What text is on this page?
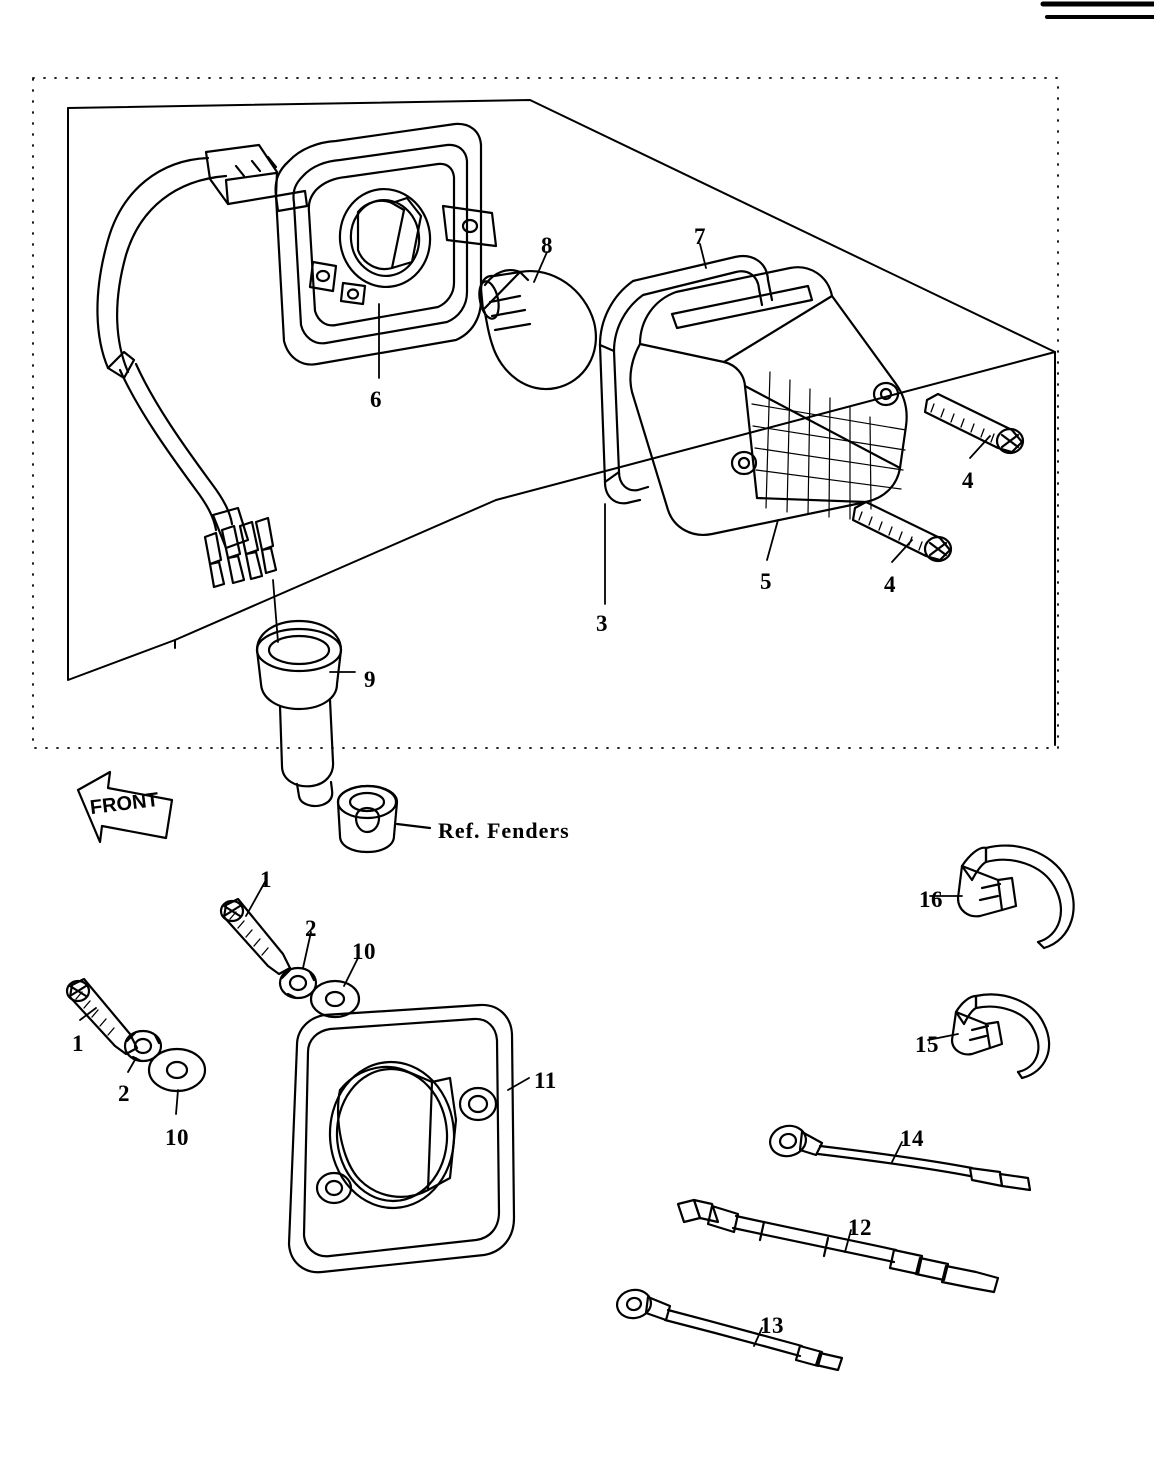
1
1
2
2
3
4
4
5
6
7
8
9
10
10
11
12
13
14
15
16
Ref. Fenders
FRONT
